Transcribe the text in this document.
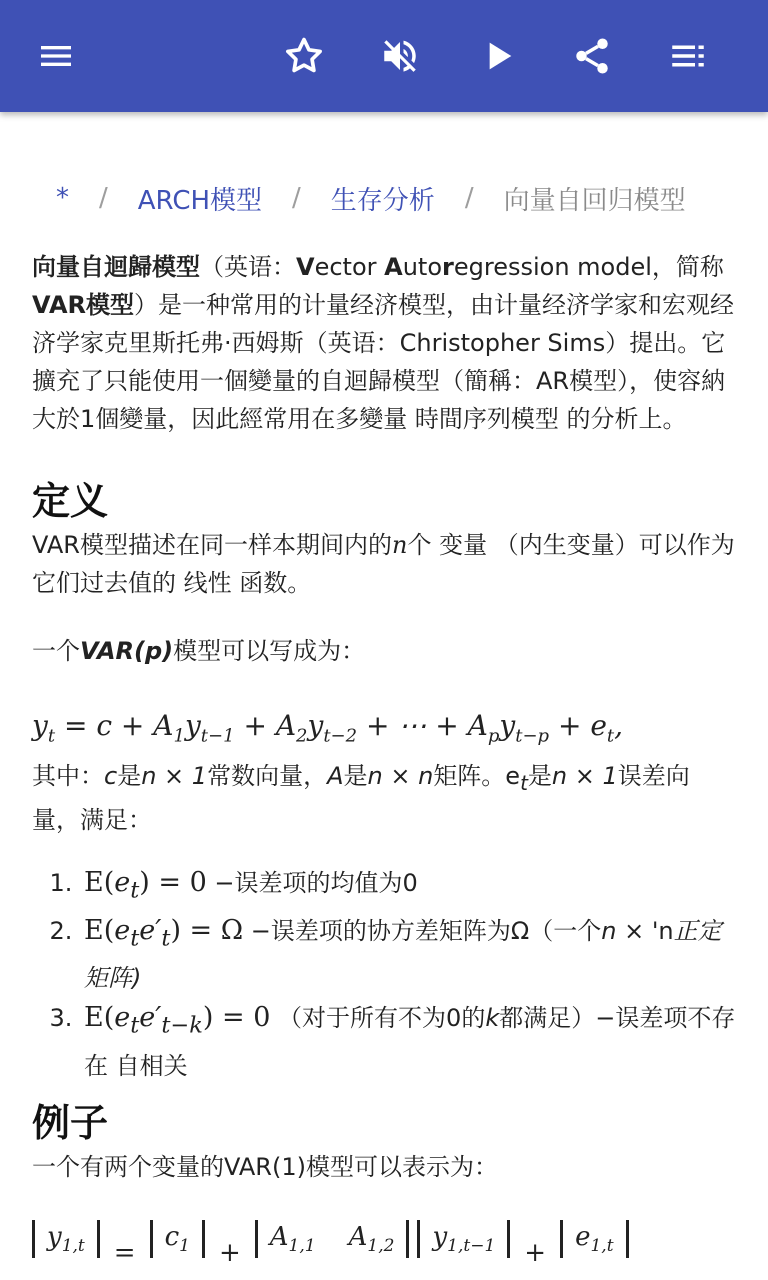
* / ARCH模型 / 生存分析 / 向量自回归模型

向量自迴歸模型（英语：Vector Autoregression model，简称VAR模型）是一种常用的计量经济模型，由计量经济学家和宏观经济学家克里斯托弗·西姆斯（英语：Christopher Sims）提出。它擴充了只能使用一個變量的自迴歸模型（簡稱：AR模型），使容納大於1個變量，因此經常用在多變量 時間序列模型 的分析上。

定义

VAR模型描述在同一样本期间内的n个 变量 （内生变量）可以作为它们过去值的 线性 函数。

一个VAR(p)模型可以写成为：

$y_t = c + A_1y_{t-1} + A_2y_{t-2}$ + ⋯ + $A_py_{t-p} + e_t$,

其中：c是n × 1常数向量，A是n × n矩阵。$e_t$是n × 1误差向量，满足：

1. $E(e_t) = 0$ −误差项的均值为0
2. $E(e_te'_t) = \Omega$ −误差项的协方差矩阵为Ω（一个n × 'n正定矩阵)
3. $E(e_te'_{t-k}) = 0$ （对于所有不为0的k都满足）−误差项不存在 自相关
例子

一个有两个变量的VAR(1)模型可以表示为：

$y_{1,t}$	=
$c_1$	+
$A_{1,1}$    $A_{1,2}$	$y_{1,t-1}$	+
$e_{1,t}$
